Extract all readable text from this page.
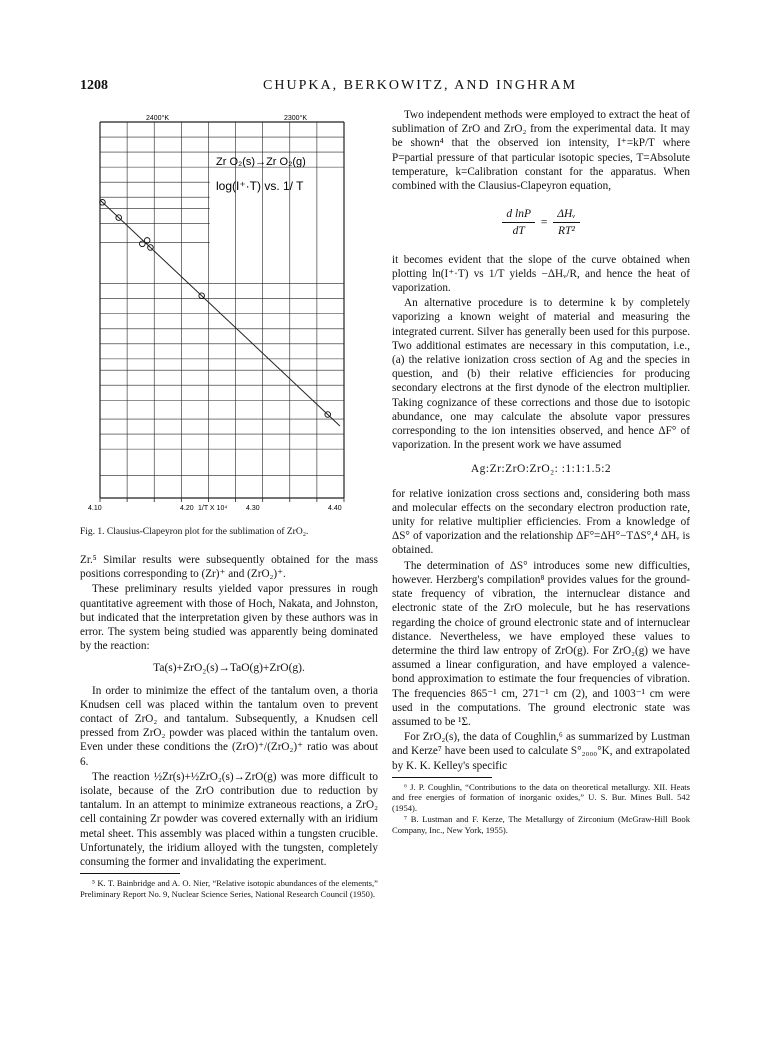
1208	CHUPKA, BERKOWITZ, AND INGHRAM
2400°K	2300°K
Zr O₂(s)→Zr O₂(g)
log(I⁺·T) vs. 1/ T
4.10	4.20 1/T X 10⁴	4.30	4.40
Fig. 1. Clausius-Clapeyron plot for the sublimation of ZrO₂.

Zr.⁵ Similar results were subsequently obtained for the mass positions corresponding to (Zr)⁺ and (ZrO₂)⁺.

These preliminary results yielded vapor pressures in rough quantitative agreement with those of Hoch, Nakata, and Johnston, but indicated that the interpretation given by these authors was in error. The system being studied was apparently being dominated by the reaction:

Ta(s)+ZrO₂(s)→TaO(g)+ZrO(g).

In order to minimize the effect of the tantalum oven, a thoria Knudsen cell was placed within the tantalum oven to prevent contact of ZrO₂ and tantalum. Subsequently, a Knudsen cell pressed from ZrO₂ powder was placed within the tantalum oven. Even under these conditions the (ZrO)⁺/(ZrO₂)⁺ ratio was about 6.

The reaction ½Zr(s)+½ZrO₂(s)→ZrO(g) was more difficult to isolate, because of the ZrO contribution due to reduction by tantalum. In an attempt to minimize extraneous reactions, a ZrO₂ cell containing Zr powder was covered externally with an iridium metal sheet. This assembly was placed within a tungsten crucible. Unfortunately, the iridium alloyed with the tungsten, completely consuming the former and invalidating the experiment.

⁵ K. T. Bainbridge and A. O. Nier, “Relative isotopic abundances of the elements,” Preliminary Report No. 9, Nuclear Science Series, National Research Council (1950).

Two independent methods were employed to extract the heat of sublimation of ZrO and ZrO₂ from the experimental data. It may be shown⁴ that the observed ion intensity, I⁺=kP/T where P=partial pressure of that particular isotopic species, T=Absolute temperature, k=Calibration constant for the apparatus. When combined with the Clausius-Clapeyron equation,

$\frac{\text{d lnP}}{dT} = \frac{\text{ΔHᵥ}}{\text{RT²}}$

it becomes evident that the slope of the curve obtained when plotting ln(I⁺·T) vs 1/T yields −ΔHᵥ/R, and hence the heat of vaporization.

An alternative procedure is to determine k by completely vaporizing a known weight of material and measuring the integrated current. Silver has generally been used for this purpose. Two additional estimates are necessary in this computation, i.e., (a) the relative ionization cross section of Ag and the species in question, and (b) their relative efficiencies for producing secondary electrons at the first dynode of the electron multiplier. Taking cognizance of these corrections and those due to isotopic abundance, one may calculate the absolute vapor pressures corresponding to the ion intensities observed, and hence ΔF° of vaporization. In the present work we have assumed

Ag:Zr:ZrO:ZrO₂: :1:1:1.5:2

for relative ionization cross sections and, considering both mass and molecular effects on the secondary electron production rate, unity for relative multiplier efficiencies. From a knowledge of ΔS° of vaporization and the relationship ΔF°=ΔH°−TΔS°,⁴ ΔHᵥ is obtained.

The determination of ΔS° introduces some new difficulties, however. Herzberg's compilation⁸ provides values for the ground-state frequency of vibration, the internuclear distance and electronic state of the ZrO molecule, but he has reservations regarding the choice of ground electronic state and of internuclear distance. Nevertheless, we have employed these values to determine the third law entropy of ZrO(g). For ZrO₂(g) we have assumed a linear configuration, and have employed a valence-bond approximation to estimate the four frequencies of vibration. The frequencies 865⁻¹ cm, 271⁻¹ cm (2), and 1003⁻¹ cm were used in the computations. The ground electronic state was assumed to be ¹Σ.

For ZrO₂(s), the data of Coughlin,⁶ as summarized by Lustman and Kerze⁷ have been used to calculate S°₂₀₀₀°K, and extrapolated by K. K. Kelley's specific

⁶ J. P. Coughlin, “Contributions to the data on theoretical metallurgy. XII. Heats and free energies of formation of inorganic oxides,” U. S. Bur. Mines Bull. 542 (1954).

⁷ B. Lustman and F. Kerze, The Metallurgy of Zirconium (McGraw-Hill Book Company, Inc., New York, 1955).
